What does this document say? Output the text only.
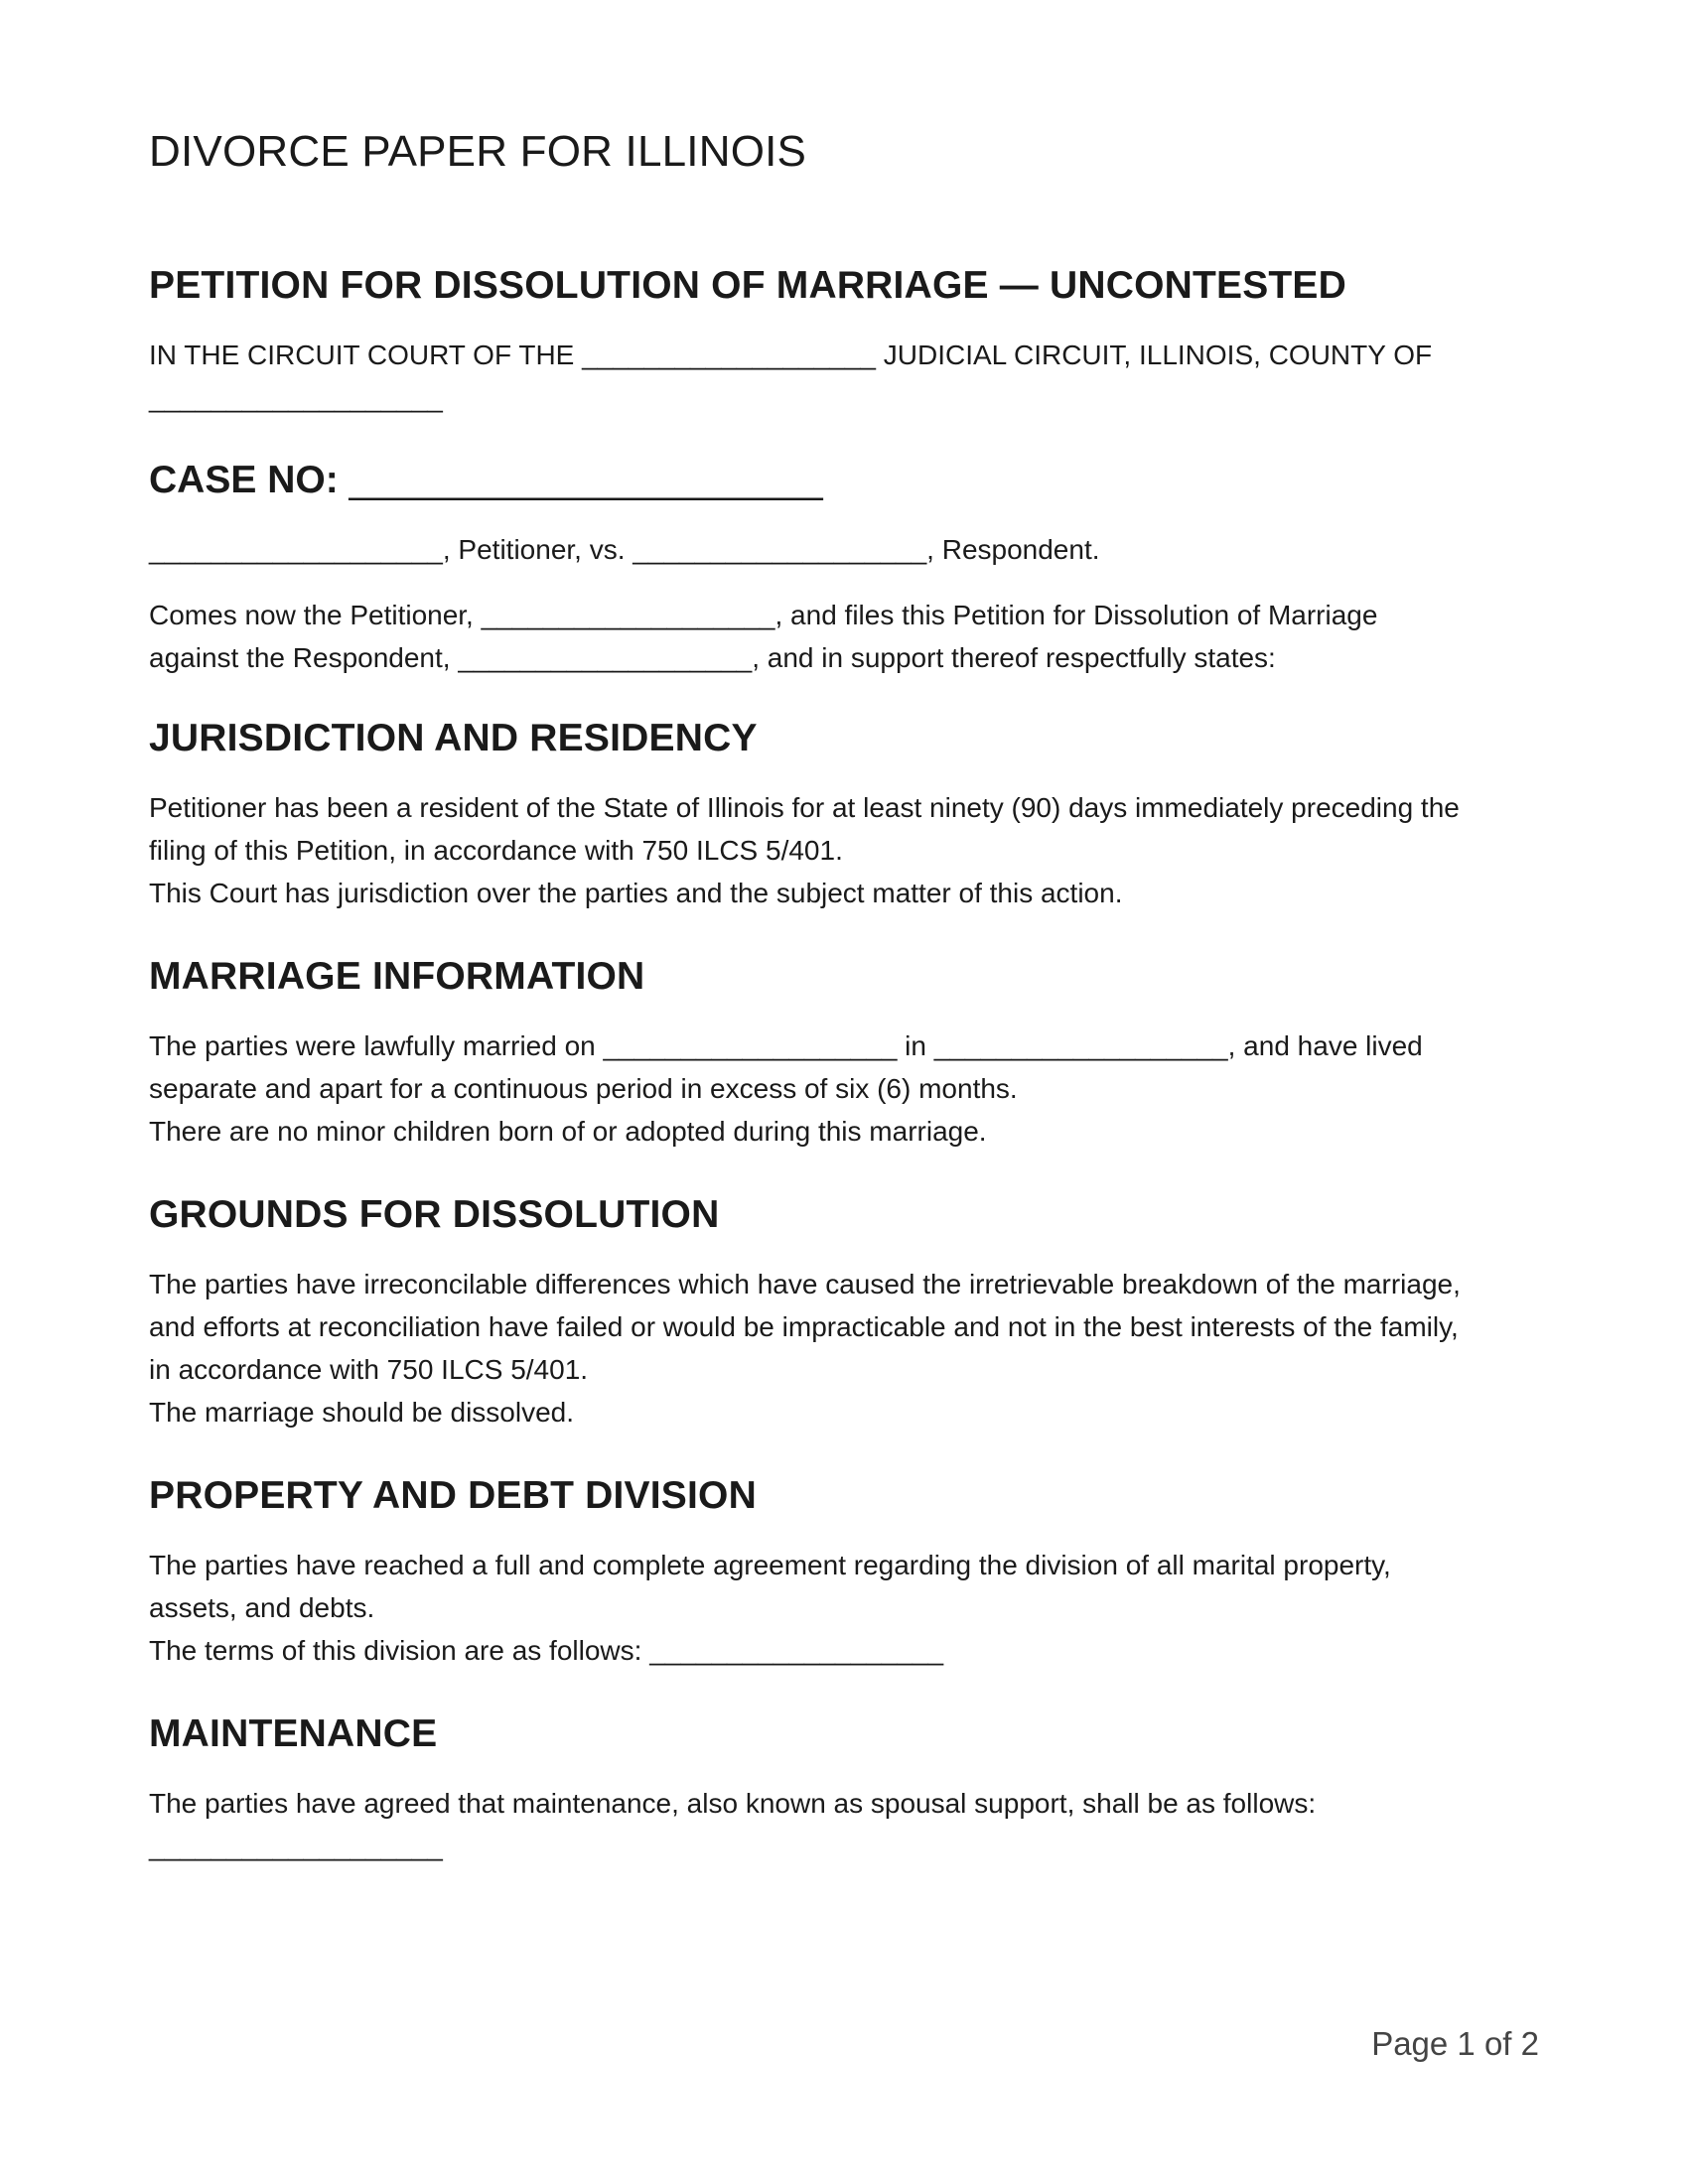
DIVORCE PAPER FOR ILLINOIS
PETITION FOR DISSOLUTION OF MARRIAGE — UNCONTESTED

IN THE CIRCUIT COURT OF THE ___________________ JUDICIAL CIRCUIT, ILLINOIS, COUNTY OF
___________________

CASE NO: ______________________

___________________, Petitioner, vs. ___________________, Respondent.

Comes now the Petitioner, ___________________, and files this Petition for Dissolution of Marriage
against the Respondent, ___________________, and in support thereof respectfully states:

JURISDICTION AND RESIDENCY

Petitioner has been a resident of the State of Illinois for at least ninety (90) days immediately preceding the
filing of this Petition, in accordance with 750 ILCS 5/401.
This Court has jurisdiction over the parties and the subject matter of this action.

MARRIAGE INFORMATION

The parties were lawfully married on ___________________ in ___________________, and have lived
separate and apart for a continuous period in excess of six (6) months.
There are no minor children born of or adopted during this marriage.

GROUNDS FOR DISSOLUTION

The parties have irreconcilable differences which have caused the irretrievable breakdown of the marriage,
and efforts at reconciliation have failed or would be impracticable and not in the best interests of the family,
in accordance with 750 ILCS 5/401.
The marriage should be dissolved.

PROPERTY AND DEBT DIVISION

The parties have reached a full and complete agreement regarding the division of all marital property,
assets, and debts.
The terms of this division are as follows: ___________________

MAINTENANCE

The parties have agreed that maintenance, also known as spousal support, shall be as follows:
___________________

Page 1 of 2
